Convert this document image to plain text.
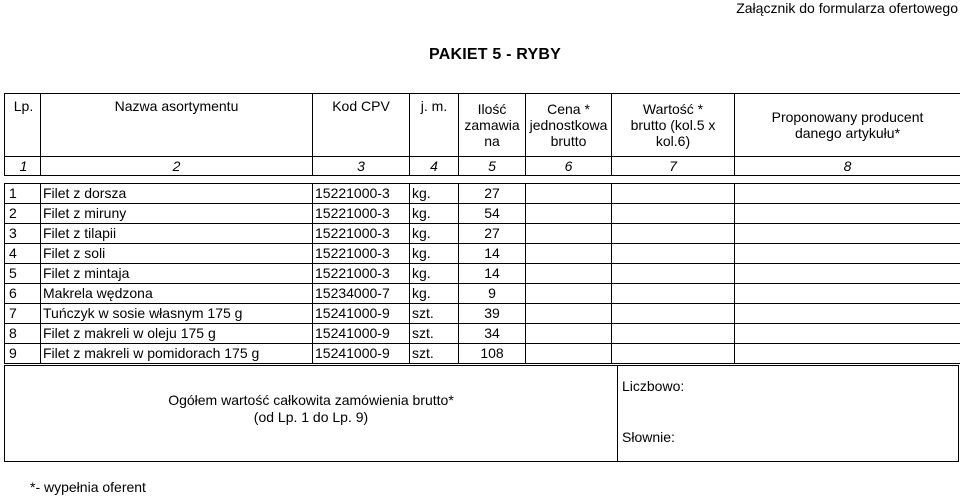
Załącznik do formularza ofertowego
PAKIET 5 - RYBY
Lp.	Nazwa asortymentu	Kod CPV	j. m.	Ilość zamawia na	Cena * jednostkowa brutto	Wartość * brutto (kol.5 x kol.6)	Proponowany producent danego artykułu*
1	2	3	4	5	6	7	8

1	Filet z dorsza	15221000-3	kg.	27			
2	Filet z miruny	15221000-3	kg.	54			
3	Filet z tilapii	15221000-3	kg.	27			
4	Filet z soli	15221000-3	kg.	14			
5	Filet z mintaja	15221000-3	kg.	14			
6	Makrela wędzona	15234000-7	kg.	9			
7	Tuńczyk w sosie własnym 175 g	15241000-9	szt.	39			
8	Filet z makreli w oleju 175 g	15241000-9	szt.	34			
9	Filet z makreli w pomidorach 175 g	15241000-9	szt.	108			
Ogółem wartość całkowita zamówienia brutto*
(od Lp. 1 do Lp. 9)
Liczbowo:
Słownie:
*- wypełnia oferent
